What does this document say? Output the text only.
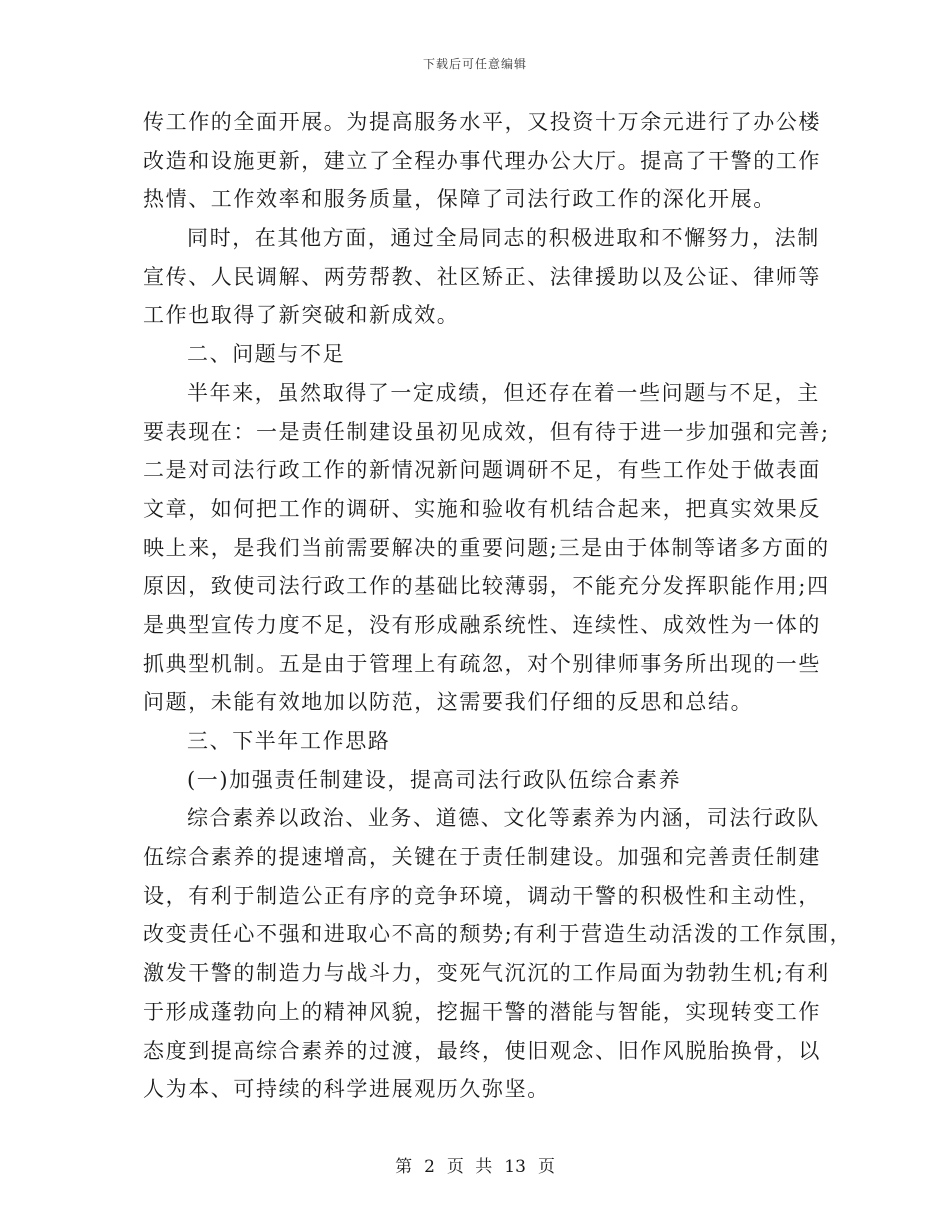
下载后可任意编辑
传工作的全面开展。为提高服务水平，又投资十万余元进行了办公楼
改造和设施更新，建立了全程办事代理办公大厅。提高了干警的工作
热情、工作效率和服务质量，保障了司法行政工作的深化开展。
同时，在其他方面，通过全局同志的积极进取和不懈努力，法制
宣传、人民调解、两劳帮教、社区矫正、法律援助以及公证、律师等
工作也取得了新突破和新成效。
二、问题与不足
半年来，虽然取得了一定成绩，但还存在着一些问题与不足，主
要表现在：一是责任制建设虽初见成效，但有待于进一步加强和完善;
二是对司法行政工作的新情况新问题调研不足，有些工作处于做表面
文章，如何把工作的调研、实施和验收有机结合起来，把真实效果反
映上来，是我们当前需要解决的重要问题;三是由于体制等诸多方面的
原因，致使司法行政工作的基础比较薄弱，不能充分发挥职能作用;四
是典型宣传力度不足，没有形成融系统性、连续性、成效性为一体的
抓典型机制。五是由于管理上有疏忽，对个别律师事务所出现的一些
问题，未能有效地加以防范，这需要我们仔细的反思和总结。
三、下半年工作思路
(一)加强责任制建设，提高司法行政队伍综合素养
综合素养以政治、业务、道德、文化等素养为内涵，司法行政队
伍综合素养的提速增高，关键在于责任制建设。加强和完善责任制建
设，有利于制造公正有序的竞争环境，调动干警的积极性和主动性，
改变责任心不强和进取心不高的颓势;有利于营造生动活泼的工作氛围，
激发干警的制造力与战斗力，变死气沉沉的工作局面为勃勃生机;有利
于形成蓬勃向上的精神风貌，挖掘干警的潜能与智能，实现转变工作
态度到提高综合素养的过渡，最终，使旧观念、旧作风脱胎换骨，以
人为本、可持续的科学进展观历久弥坚。
第 2 页 共 13 页
